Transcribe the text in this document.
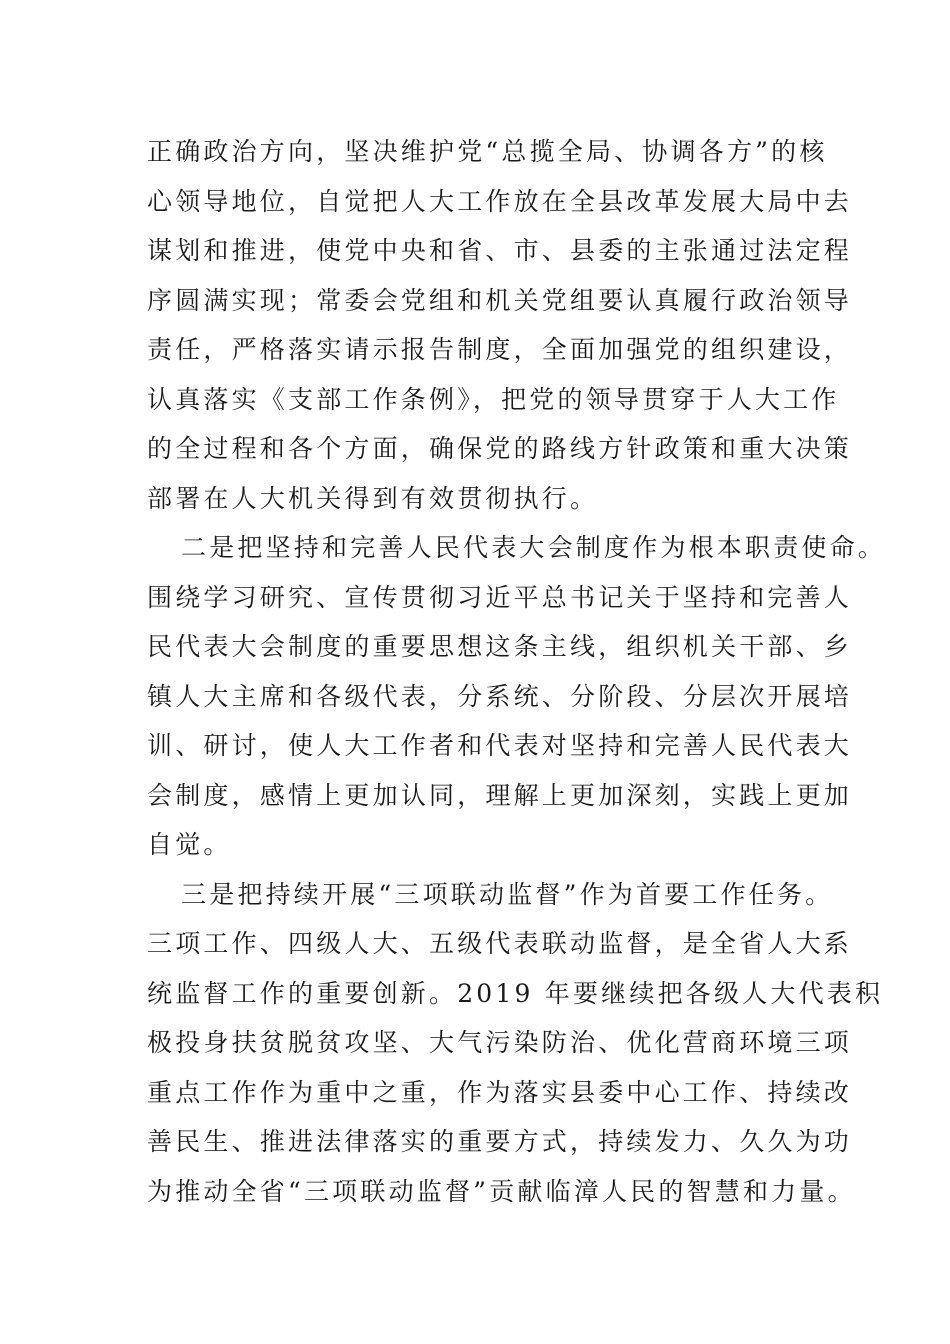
正确政治方向，坚决维护党“总揽全局、协调各方”的核
心领导地位，自觉把人大工作放在全县改革发展大局中去
谋划和推进，使党中央和省、市、县委的主张通过法定程
序圆满实现；常委会党组和机关党组要认真履行政治领导
责任，严格落实请示报告制度，全面加强党的组织建设，
认真落实《支部工作条例》，把党的领导贯穿于人大工作
的全过程和各个方面，确保党的路线方针政策和重大决策
部署在人大机关得到有效贯彻执行。
二是把坚持和完善人民代表大会制度作为根本职责使命。
围绕学习研究、宣传贯彻习近平总书记关于坚持和完善人
民代表大会制度的重要思想这条主线，组织机关干部、乡
镇人大主席和各级代表，分系统、分阶段、分层次开展培
训、研讨，使人大工作者和代表对坚持和完善人民代表大
会制度，感情上更加认同，理解上更加深刻，实践上更加
自觉。
三是把持续开展“三项联动监督”作为首要工作任务。
三项工作、四级人大、五级代表联动监督，是全省人大系
统监督工作的重要创新。2019 年要继续把各级人大代表积
极投身扶贫脱贫攻坚、大气污染防治、优化营商环境三项
重点工作作为重中之重，作为落实县委中心工作、持续改
善民生、推进法律落实的重要方式，持续发力、久久为功
为推动全省“三项联动监督”贡献临漳人民的智慧和力量。
